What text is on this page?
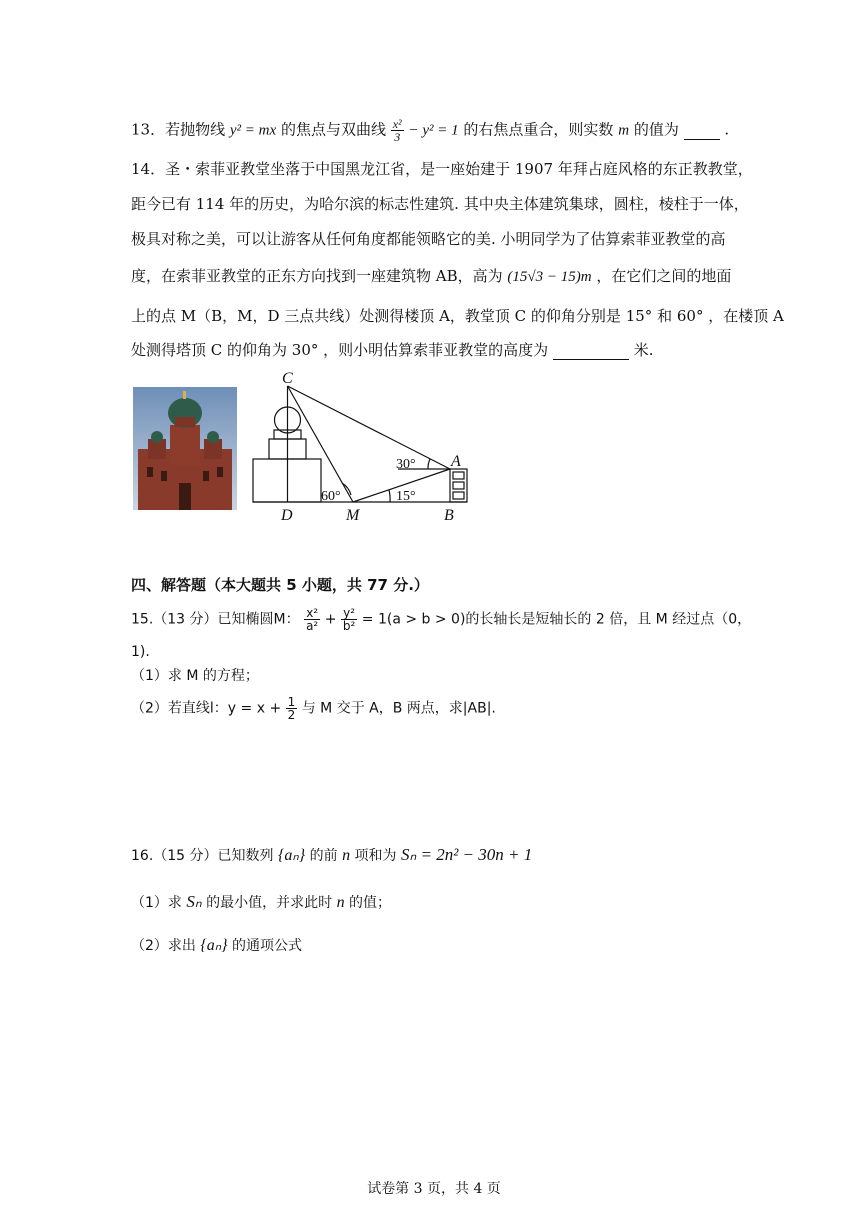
13．若抛物线 y² = mx 的焦点与双曲线 $\frac{\text{x²}}{3} - y^2 = 1$ 的右焦点重合，则实数 m 的值为	.
14．圣・索菲亚教堂坐落于中国黑龙江省，是一座始建于 1907 年拜占庭风格的东正教教堂，
距今已有 114 年的历史，为哈尔滨的标志性建筑. 其中央主体建筑集球，圆柱，棱柱于一体，
极具对称之美，可以让游客从任何角度都能领略它的美. 小明同学为了估算索菲亚教堂的高
度，在索菲亚教堂的正东方向找到一座建筑物 AB，高为 (15√3 − 15)m ，在它们之间的地面
上的点 M（B，M，D 三点共线）处测得楼顶 A，教堂顶 C 的仰角分别是 15° 和 60° ，在楼顶 A
处测得塔顶 C 的仰角为 30° ，则小明估算索菲亚教堂的高度为	米.
C
A
D	M	B
30°
60°	15°
四、解答题（本大题共 5 小题，共 77 分.）
15.（13 分）已知椭圆M： $\frac{\text{x²}}{\text{a²}} + \frac{\text{y²}}{\text{b²}} = 1(a > b > 0)$的长轴长是短轴长的 2 倍，且 M 经过点（0，
1).
（1）求 M 的方程；
（2）若直线l：$y = x + \frac{1}{2}$ 与 M 交于 A，B 两点，求|AB|.
16.（15 分）已知数列 {aₙ} 的前 n 项和为 Sₙ = 2n² − 30n + 1
（1）求 Sₙ 的最小值，并求此时 n 的值；
（2）求出 {aₙ} 的通项公式
试卷第 3 页，共 4 页
